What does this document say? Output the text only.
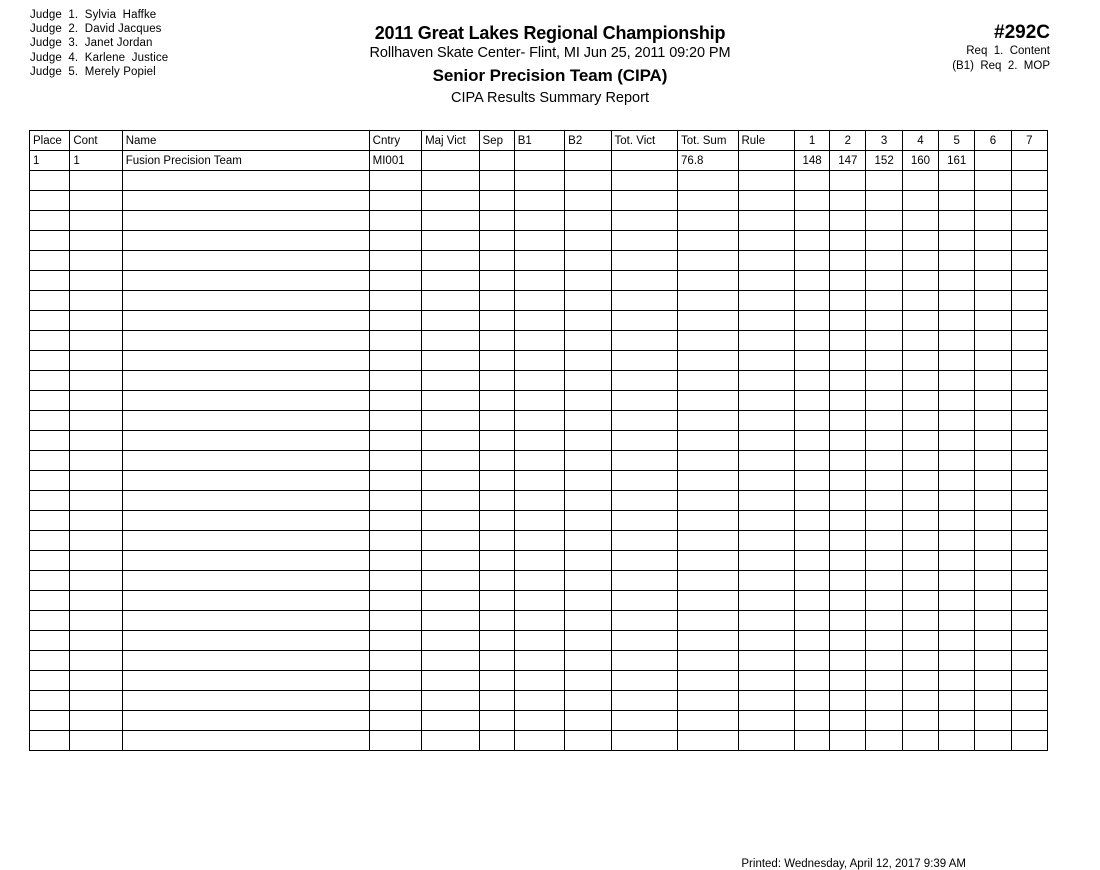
Judge  1.  Sylvia  Haffke
Judge  2.  David Jacques
Judge  3.  Janet Jordan
Judge  4.  Karlene  Justice
Judge  5.  Merely Popiel
2011 Great Lakes Regional Championship
Rollhaven Skate Center- Flint, MI Jun 25, 2011 09:20 PM
Senior Precision Team (CIPA)
CIPA Results Summary Report
#292C
Req  1.  Content
(B1)  Req  2.  MOP
Place	Cont	Name	Cntry	Maj Vict	Sep	B1	B2	Tot. Vict	Tot. Sum	Rule	1	2	3	4	5	6	7
1	1	Fusion Precision Team	MI001						76.8		148	147	152	160	161		

Printed: Wednesday, April 12, 2017 9:39 AM
